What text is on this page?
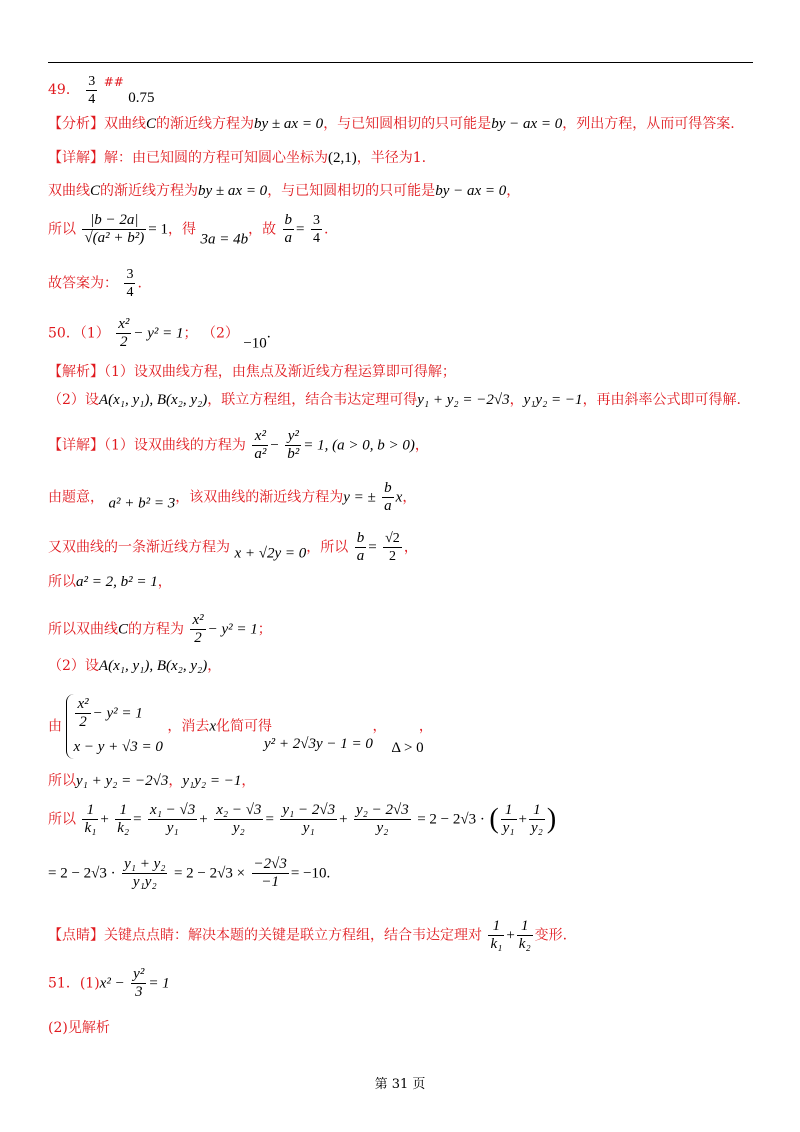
49． $\frac{3}{4}$ ## 0.75
【分析】双曲线C的渐近线方程为by ± ax = 0，与已知圆相切的只可能是by − ax = 0，列出方程，从而可得答案.
【详解】解：由已知圆的方程可知圆心坐标为(2,1)，半径为1.
双曲线C的渐近线方程为by ± ax = 0，与已知圆相切的只可能是by − ax = 0，
所以 $\frac{|b - 2a|}{\text{√(a² + b²)}} = 1$，得 3a = 4b，故 $\frac{b}{a} = \frac{3}{4}$ .
故答案为： $\frac{3}{4}$ .
50．$(1) \frac{\text{x²}}{2} - y^2 = 1$； （2） −10.
【解析】（1）设双曲线方程，由焦点及渐近线方程运算即可得解；
（2）设A(x₁, y₁), B(x₂, y₂)，联立方程组，结合韦达定理可得y₁ + y₂ = −2√3，y₁y₂ = −1，再由斜率公式即可得解.
【详解】（1）设双曲线的方程为 $\frac{\text{x²}}{\text{a²}} - \frac{\text{y²}}{\text{b²}} = 1$, (a > 0, b > 0)，
由题意， a² + b² = 3，该双曲线的渐近线方程为y = ± $\frac{b}{a}$ x，
又双曲线的一条渐近线方程为 x + √2y = 0，所以 $\frac{b}{a} = \frac{√2}{2}$ ，
所以a² = 2, b² = 1，
所以双曲线C的方程为 $\frac{\text{x²}}{2} - y^2 = 1$；
（2）设A(x₁, y₁), B(x₂, y₂)，
由 $\frac{\text{x²}}{2} - y^2 = 1$
x − y + √3 = 0
，消去x化简可得	， ，
y² + 2√3y − 1 = 0 Δ > 0
所以y₁ + y₂ = −2√3，y₁y₂ = −1，
所以 $\frac{1}{\text{k₁}} + \frac{1}{\text{k₂}} = \frac{\text{x₁ − √3}}{\text{y₁}} + \frac{\text{x₂ − √3}}{\text{y₂}} = \frac{\text{y₁ − 2√3}}{\text{y₁}} + \frac{\text{y₂ − 2√3}}{\text{y₂}} = 2 - 2√3$ · ( $\frac{1}{\text{y₁}} + \frac{1}{\text{y₂}}$ )
= $2 - 2√3 \cdot \frac{\text{y₁ + y₂}}{\text{y₁y₂}} = 2 - 2√3 \times \frac{-2√3}{-1} = -10$.
【点睛】关键点点睛：解决本题的关键是联立方程组，结合韦达定理对 $\frac{1}{\text{k₁}} + \frac{1}{\text{k₂}}$ 变形.
51．$(1)x^2 - \frac{\text{y²}}{3} = 1$
(2)见解析
第 31 页
